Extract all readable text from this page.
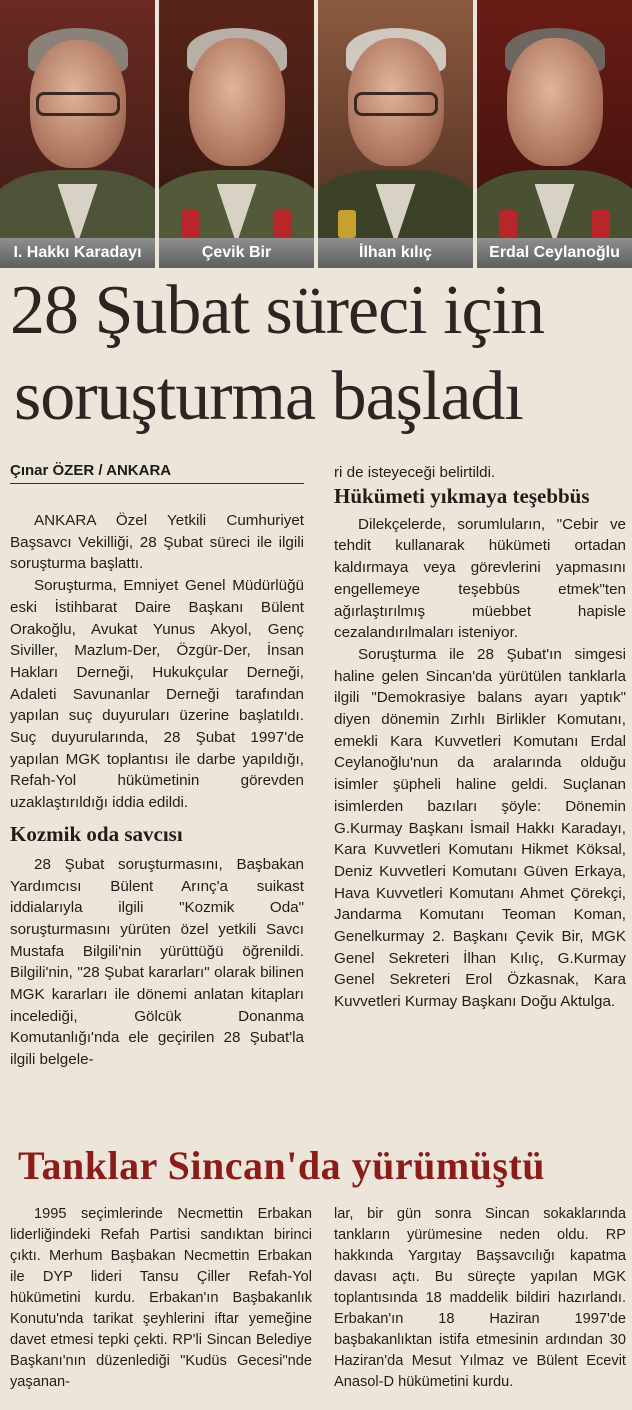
I. Hakkı Karadayı	Çevik Bir	İlhan kılıç	Erdal Ceylanoğlu
28 Şubat süreci için
soruşturma başladı
Çınar ÖZER / ANKARA

ANKARA Özel Yetkili Cumhuriyet Başsavcı Vekilliği, 28 Şubat süreci ile ilgili soruşturma başlattı.

Soruşturma, Emniyet Genel Müdürlüğü eski İstihbarat Daire Başkanı Bülent Orakoğlu, Avukat Yunus Akyol, Genç Siviller, Mazlum-Der, Özgür-Der, İnsan Hakları Derneği, Hukukçular Derneği, Adaleti Savunanlar Derneği tarafından yapılan suç duyuruları üzerine başlatıldı. Suç duyurularında, 28 Şubat 1997'de yapılan MGK toplantısı ile darbe yapıldığı, Refah-Yol hükümetinin görevden uzaklaştırıldığı iddia edildi.

Kozmik oda savcısı

28 Şubat soruşturmasını, Başbakan Yardımcısı Bülent Arınç'a suikast iddialarıyla ilgili "Kozmik Oda" soruşturmasını yürüten özel yetkili Savcı Mustafa Bilgili'nin yürüttüğü öğrenildi. Bilgili'nin, "28 Şubat kararları" olarak bilinen MGK kararları ile dönemi anlatan kitapları incelediği, Gölcük Donanma Komutanlığı'nda ele geçirilen 28 Şubat'la ilgili belgele-

ri de isteyeceği belirtildi.

Hükümeti yıkmaya teşebbüs

Dilekçelerde, sorumluların, "Cebir ve tehdit kullanarak hükümeti ortadan kaldırmaya veya görevlerini yapmasını engellemeye teşebbüs etmek"ten ağırlaştırılmış müebbet hapisle cezalandırılmaları isteniyor.

Soruşturma ile 28 Şubat'ın simgesi haline gelen Sincan'da yürütülen tanklarla ilgili "Demokrasiye balans ayarı yaptık" diyen dönemin Zırhlı Birlikler Komutanı, emekli Kara Kuvvetleri Komutanı Erdal Ceylanoğlu'nun da aralarında olduğu isimler şüpheli haline geldi. Suçlanan isimlerden bazıları şöyle: Dönemin G.Kurmay Başkanı İsmail Hakkı Karadayı, Kara Kuvvetleri Komutanı Hikmet Köksal, Deniz Kuvvetleri Komutanı Güven Erkaya, Hava Kuvvetleri Komutanı Ahmet Çörekçi, Jandarma Komutanı Teoman Koman, Genelkurmay 2. Başkanı Çevik Bir, MGK Genel Sekreteri İlhan Kılıç, G.Kurmay Genel Sekreteri Erol Özkasnak, Kara Kuvvetleri Kurmay Başkanı Doğu Aktulga.

Tanklar Sincan'da yürümüştü

1995 seçimlerinde Necmettin Erbakan liderliğindeki Refah Partisi sandıktan birinci çıktı. Merhum Başbakan Necmettin Erbakan ile DYP lideri Tansu Çiller Refah-Yol hükümetini kurdu. Erbakan'ın Başbakanlık Konutu'nda tarikat şeyhlerini iftar yemeğine davet etmesi tepki çekti. RP'li Sincan Belediye Başkanı'nın düzenlediği "Kudüs Gecesi"nde yaşanan-

lar, bir gün sonra Sincan sokaklarında tankların yürümesine neden oldu. RP hakkında Yargıtay Başsavcılığı kapatma davası açtı. Bu süreçte yapılan MGK toplantısında 18 maddelik bildiri hazırlandı. Erbakan'ın 18 Haziran 1997'de başbakanlıktan istifa etmesinin ardından 30 Haziran'da Mesut Yılmaz ve Bülent Ecevit Anasol-D hükümetini kurdu.
